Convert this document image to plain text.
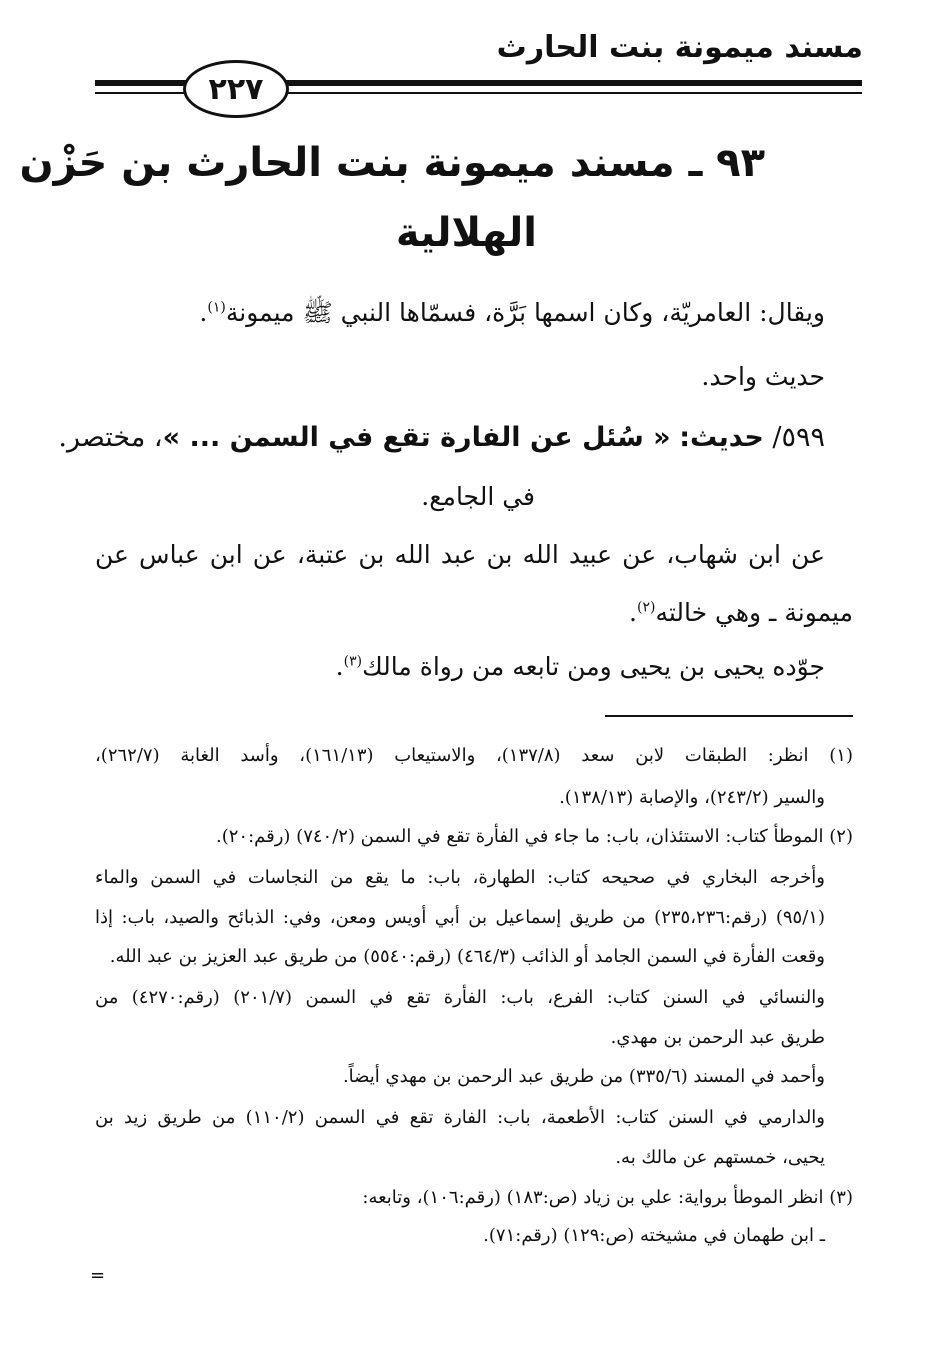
مسند ميمونة بنت الحارث
٢٢٧
٩٣ ـ مسند ميمونة بنت الحارث بن حَزْن
الهلالية
ويقال: العامريّة، وكان اسمها بَرَّة، فسمّاها النبي ﷺ ميمونة$^{(١)}$.
حديث واحد.
٥٩٩/ حديث: « سُئل عن الفارة تقع في السمن ... »، مختصر.
في الجامع.
عن ابن شهاب، عن عبيد الله بن عبد الله بن عتبة، عن ابن عباس عن
ميمونة ـ وهي خالته$^{(٢)}$.
جوّده يحيى بن يحيى ومن تابعه من رواة مالك$^{(٣)}$.
(١) انظر: الطبقات لابن سعد (١٣٧/٨)، والاستيعاب (١٦١/١٣)، وأسد الغابة (٢٦٢/٧)،
والسير (٢٤٣/٢)، والإصابة (١٣٨/١٣).
(٢) الموطأ كتاب: الاستئذان، باب: ما جاء في الفأرة تقع في السمن (٧٤٠/٢) (رقم:٢٠).
وأخرجه البخاري في صحيحه كتاب: الطهارة، باب: ما يقع من النجاسات في السمن والماء
(٩٥/١) (رقم:٢٣٥،٢٣٦) من طريق إسماعيل بن أبي أويس ومعن، وفي: الذبائح والصيد، باب: إذا
وقعت الفأرة في السمن الجامد أو الذائب (٤٦٤/٣) (رقم:٥٥٤٠) من طريق عبد العزيز بن عبد الله.
والنسائي في السنن كتاب: الفرع، باب: الفأرة تقع في السمن (٢٠١/٧) (رقم:٤٢٧٠) من
طريق عبد الرحمن بن مهدي.
وأحمد في المسند (٣٣٥/٦) من طريق عبد الرحمن بن مهدي أيضاً.
والدارمي في السنن كتاب: الأطعمة، باب: الفارة تقع في السمن (١١٠/٢) من طريق زيد بن
يحيى، خمستهم عن مالك به.
(٣) انظر الموطأ برواية: علي بن زياد (ص:١٨٣) (رقم:١٠٦)، وتابعه:
ـ ابن طهمان في مشيخته (ص:١٢٩) (رقم:٧١).
=
